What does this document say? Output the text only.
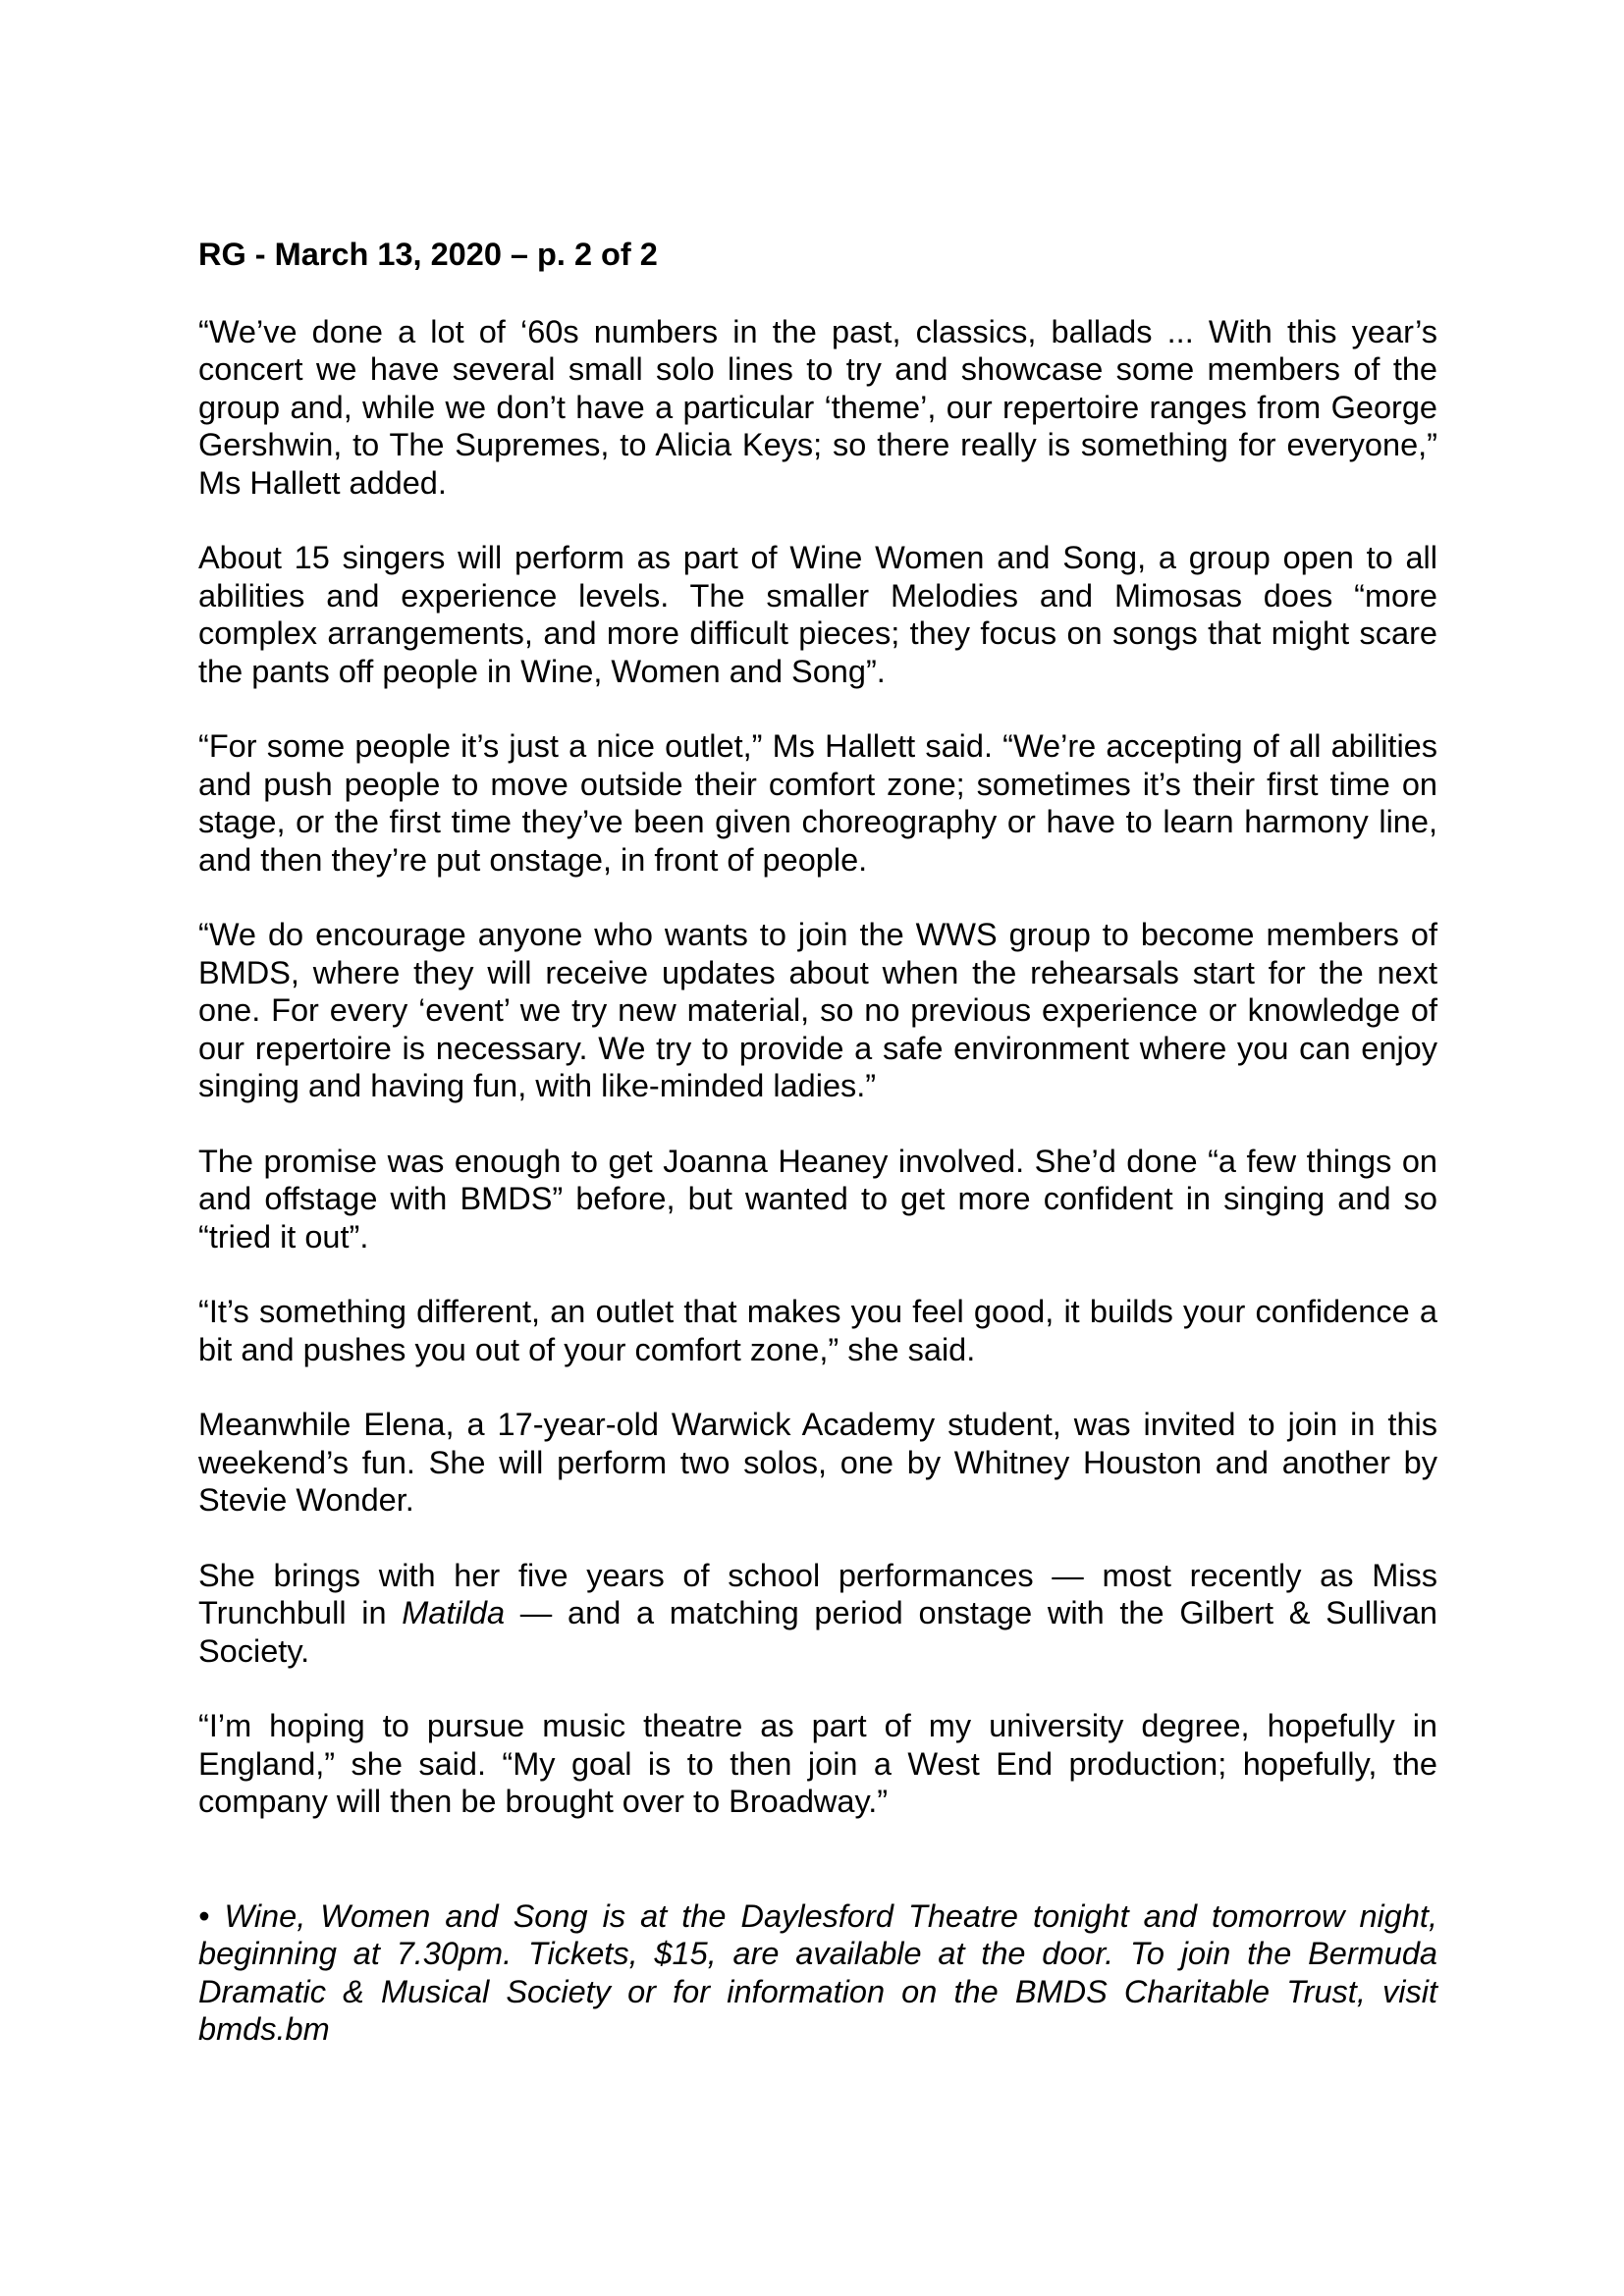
RG - March 13, 2020 – p. 2 of 2

“We’ve done a lot of ‘60s numbers in the past, classics, ballads ... With this year’s concert we have several small solo lines to try and showcase some members of the group and, while we don’t have a particular ‘theme’, our repertoire ranges from George Gershwin, to The Supremes, to Alicia Keys; so there really is something for everyone,” Ms Hallett added.

About 15 singers will perform as part of Wine Women and Song, a group open to all abilities and experience levels. The smaller Melodies and Mimosas does “more complex arrangements, and more difficult pieces; they focus on songs that might scare the pants off people in Wine, Women and Song”.

“For some people it’s just a nice outlet,” Ms Hallett said. “We’re accepting of all abilities and push people to move outside their comfort zone; sometimes it’s their first time on stage, or the first time they’ve been given choreography or have to learn harmony line, and then they’re put onstage, in front of people.

“We do encourage anyone who wants to join the WWS group to become members of BMDS, where they will receive updates about when the rehearsals start for the next one. For every ‘event’ we try new material, so no previous experience or knowledge of our repertoire is necessary. We try to provide a safe environment where you can enjoy singing and having fun, with like-minded ladies.”

The promise was enough to get Joanna Heaney involved. She’d done “a few things on and offstage with BMDS” before, but wanted to get more confident in singing and so “tried it out”.

“It’s something different, an outlet that makes you feel good, it builds your confidence a bit and pushes you out of your comfort zone,” she said.

Meanwhile Elena, a 17-year-old Warwick Academy student, was invited to join in this weekend’s fun. She will perform two solos, one by Whitney Houston and another by Stevie Wonder.

She brings with her five years of school performances — most recently as Miss Trunchbull in Matilda — and a matching period onstage with the Gilbert & Sullivan Society.

“I’m hoping to pursue music theatre as part of my university degree, hopefully in England,” she said. “My goal is to then join a West End production; hopefully, the company will then be brought over to Broadway.”

• Wine, Women and Song is at the Daylesford Theatre tonight and tomorrow night, beginning at 7.30pm. Tickets, $15, are available at the door. To join the Bermuda Dramatic & Musical Society or for information on the BMDS Charitable Trust, visit bmds.bm
